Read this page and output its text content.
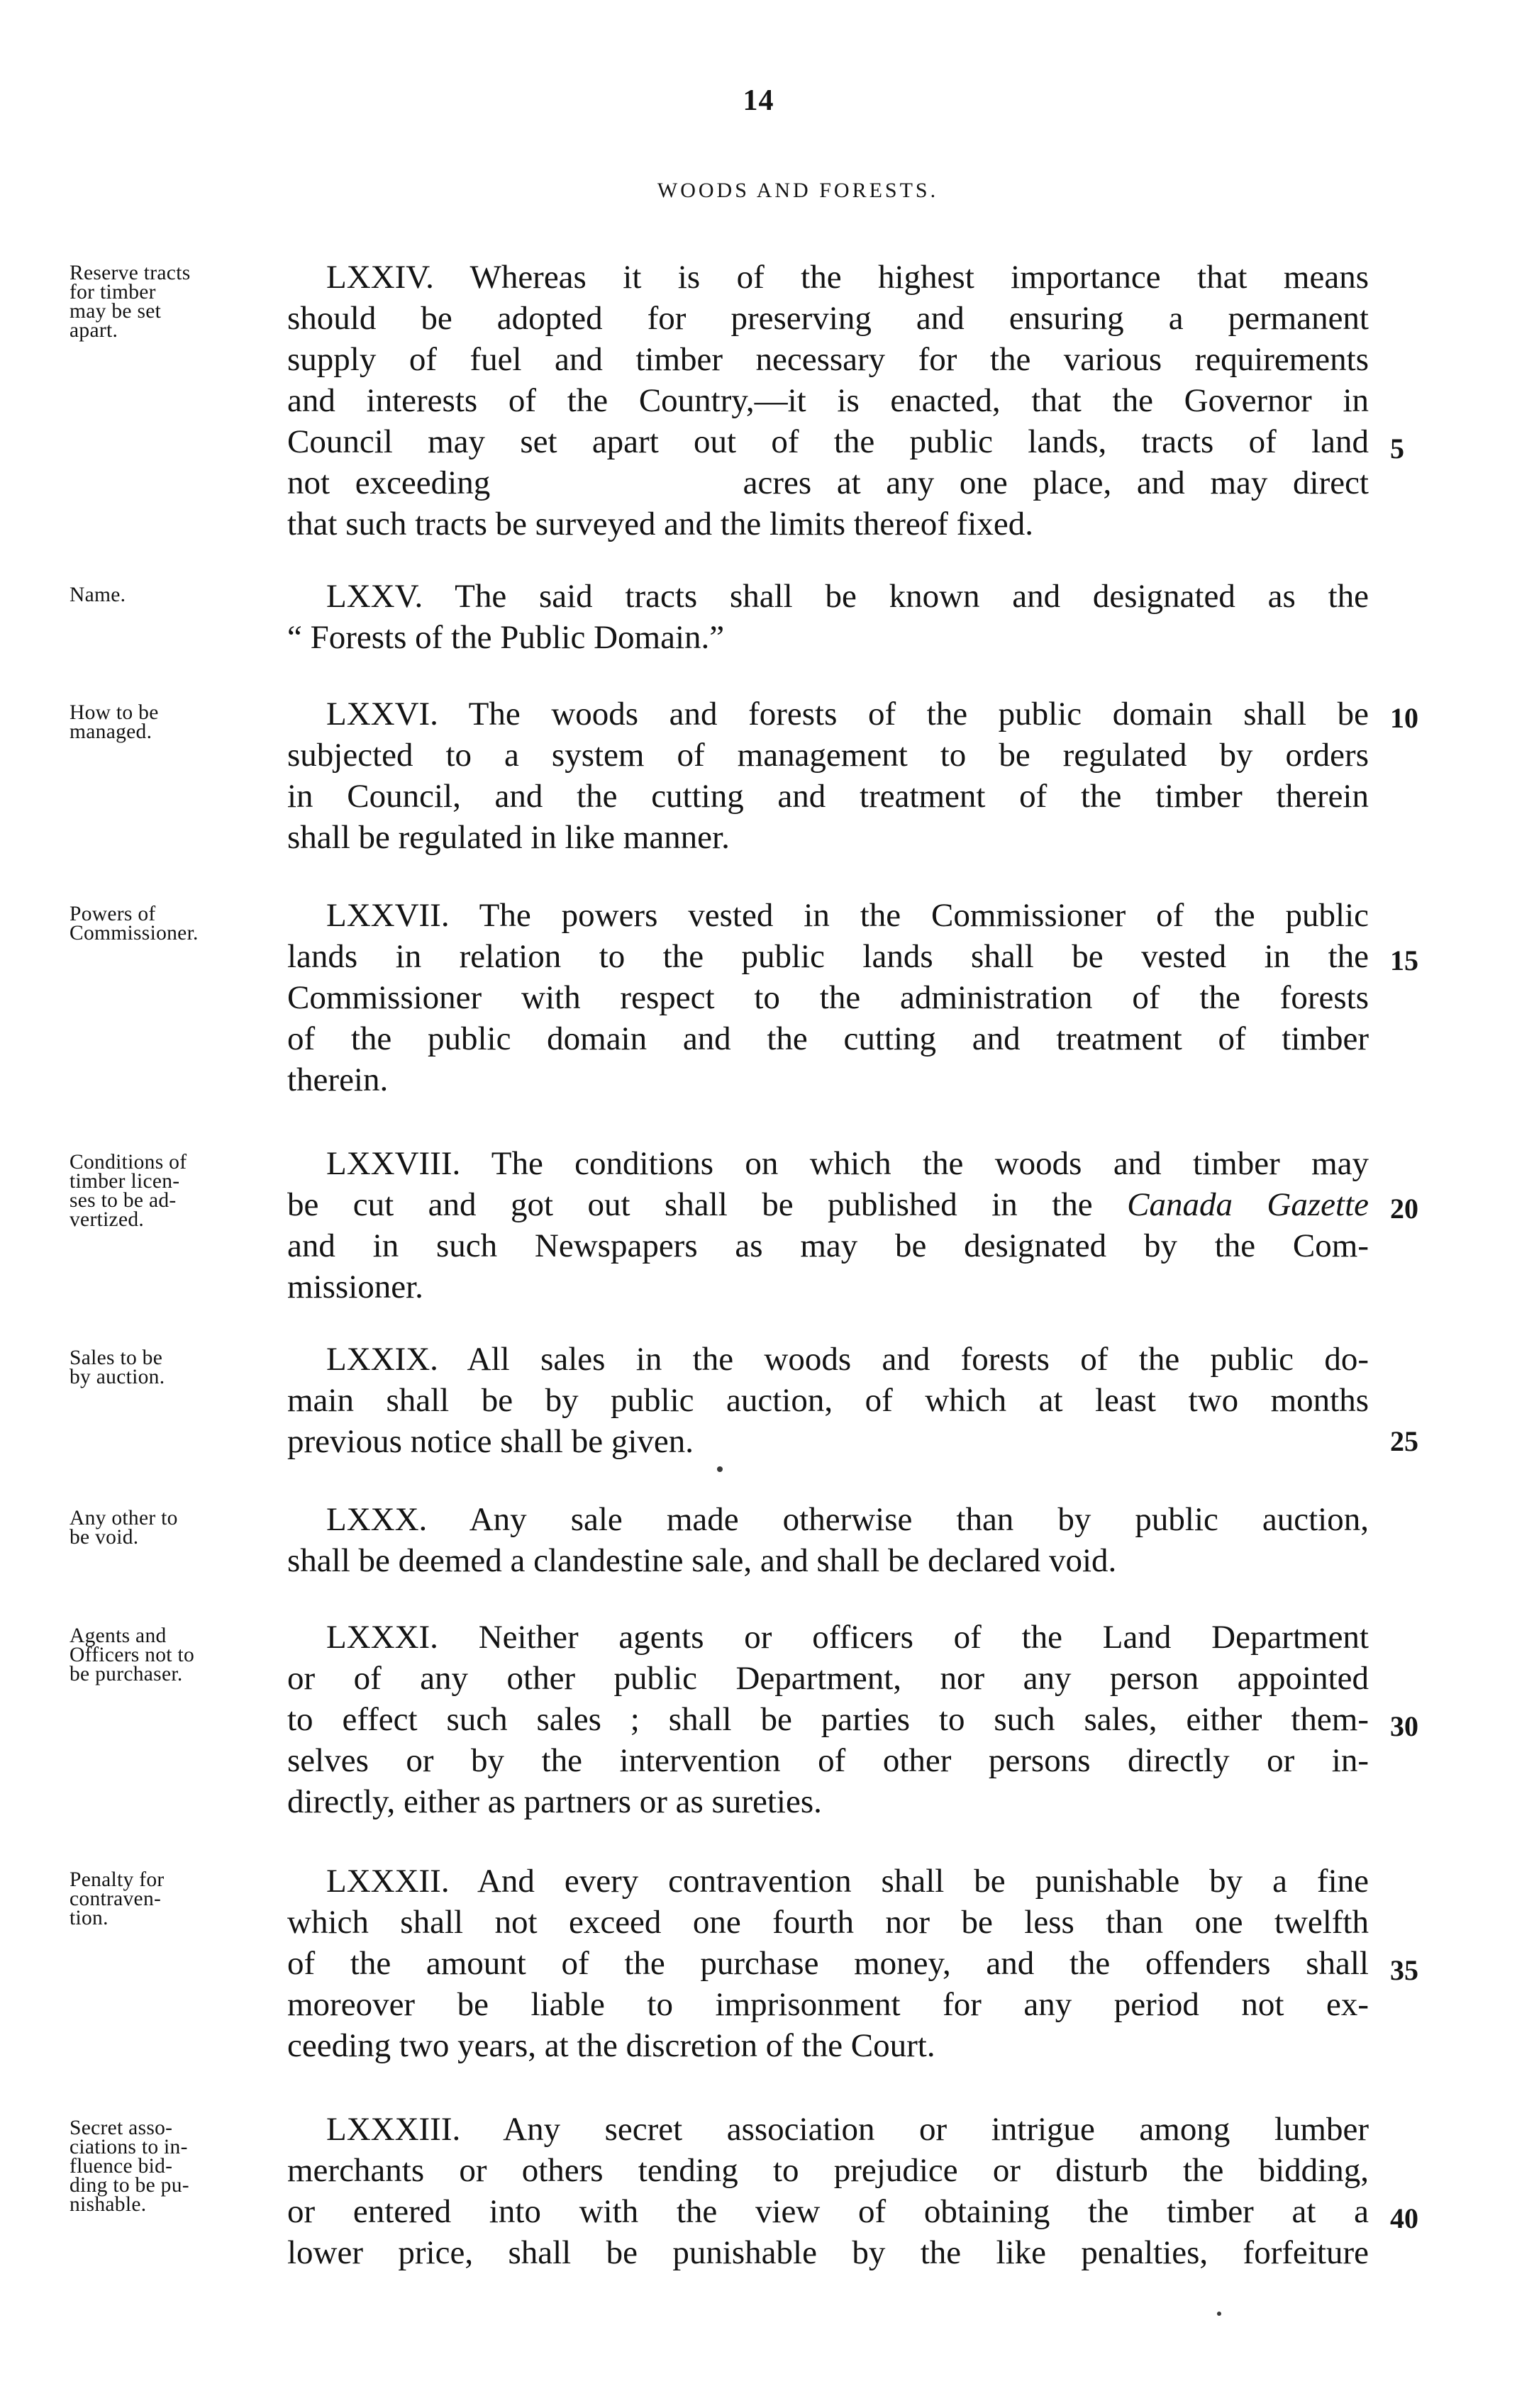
14
WOODS AND FORESTS.
Reserve tracts
for timber
may be set
apart.
LXXIV. Whereas it is of the highest importance that means
should be adopted for preserving and ensuring a permanent
supply of fuel and timber necessary for the various requirements
and interests of the Country,—it is enacted, that the Governor in
Council may set apart out of the public lands, tracts of land
not exceeding          acres at any one place, and may direct
that such tracts be surveyed and the limits thereof fixed.
5
Name.	LXXV. The said tracts shall be known and designated as the
“ Forests of the Public Domain.”
How to be
managed.	LXXVI. The woods and forests of the public domain shall be
subjected to a system of management to be regulated by orders
in Council, and the cutting and treatment of the timber therein
shall be regulated in like manner.
10
Powers of
Commissioner.	LXXVII. The powers vested in the Commissioner of the public
lands in relation to the public lands shall be vested in the
Commissioner with respect to the administration of the forests
of the public domain and the cutting and treatment of timber
therein.
15
Conditions of
timber licen-
ses to be ad-
vertized.
LXXVIII. The conditions on which the woods and timber may
be cut and got out shall be published in the Canada Gazette
and in such Newspapers as may be designated by the Com-
missioner.
20
Sales to be
by auction.	LXXIX. All sales in the woods and forests of the public do-
main shall be by public auction, of which at least two months
previous notice shall be given.	25
Any other to
be void.	LXXX. Any sale made otherwise than by public auction,
shall be deemed a clandestine sale, and shall be declared void.
Agents and
Officers not to
be purchaser.
LXXXI. Neither agents or officers of the Land Department
or of any other public Department, nor any person appointed
to effect such sales ; shall be parties to such sales, either them-
selves or by the intervention of other persons directly or in-
directly, either as partners or as sureties.
30
Penalty for
contraven-
tion.
LXXXII. And every contravention shall be punishable by a fine
which shall not exceed one fourth nor be less than one twelfth
of the amount of the purchase money, and the offenders shall
moreover be liable to imprisonment for any period not ex-
ceeding two years, at the discretion of the Court.
35
Secret asso-
ciations to in-
fluence bid-
ding to be pu-
nishable.
LXXXIII. Any secret association or intrigue among lumber
merchants or others tending to prejudice or disturb the bidding,
or entered into with the view of obtaining the timber at a
lower price, shall be punishable by the like penalties, forfeiture
40
